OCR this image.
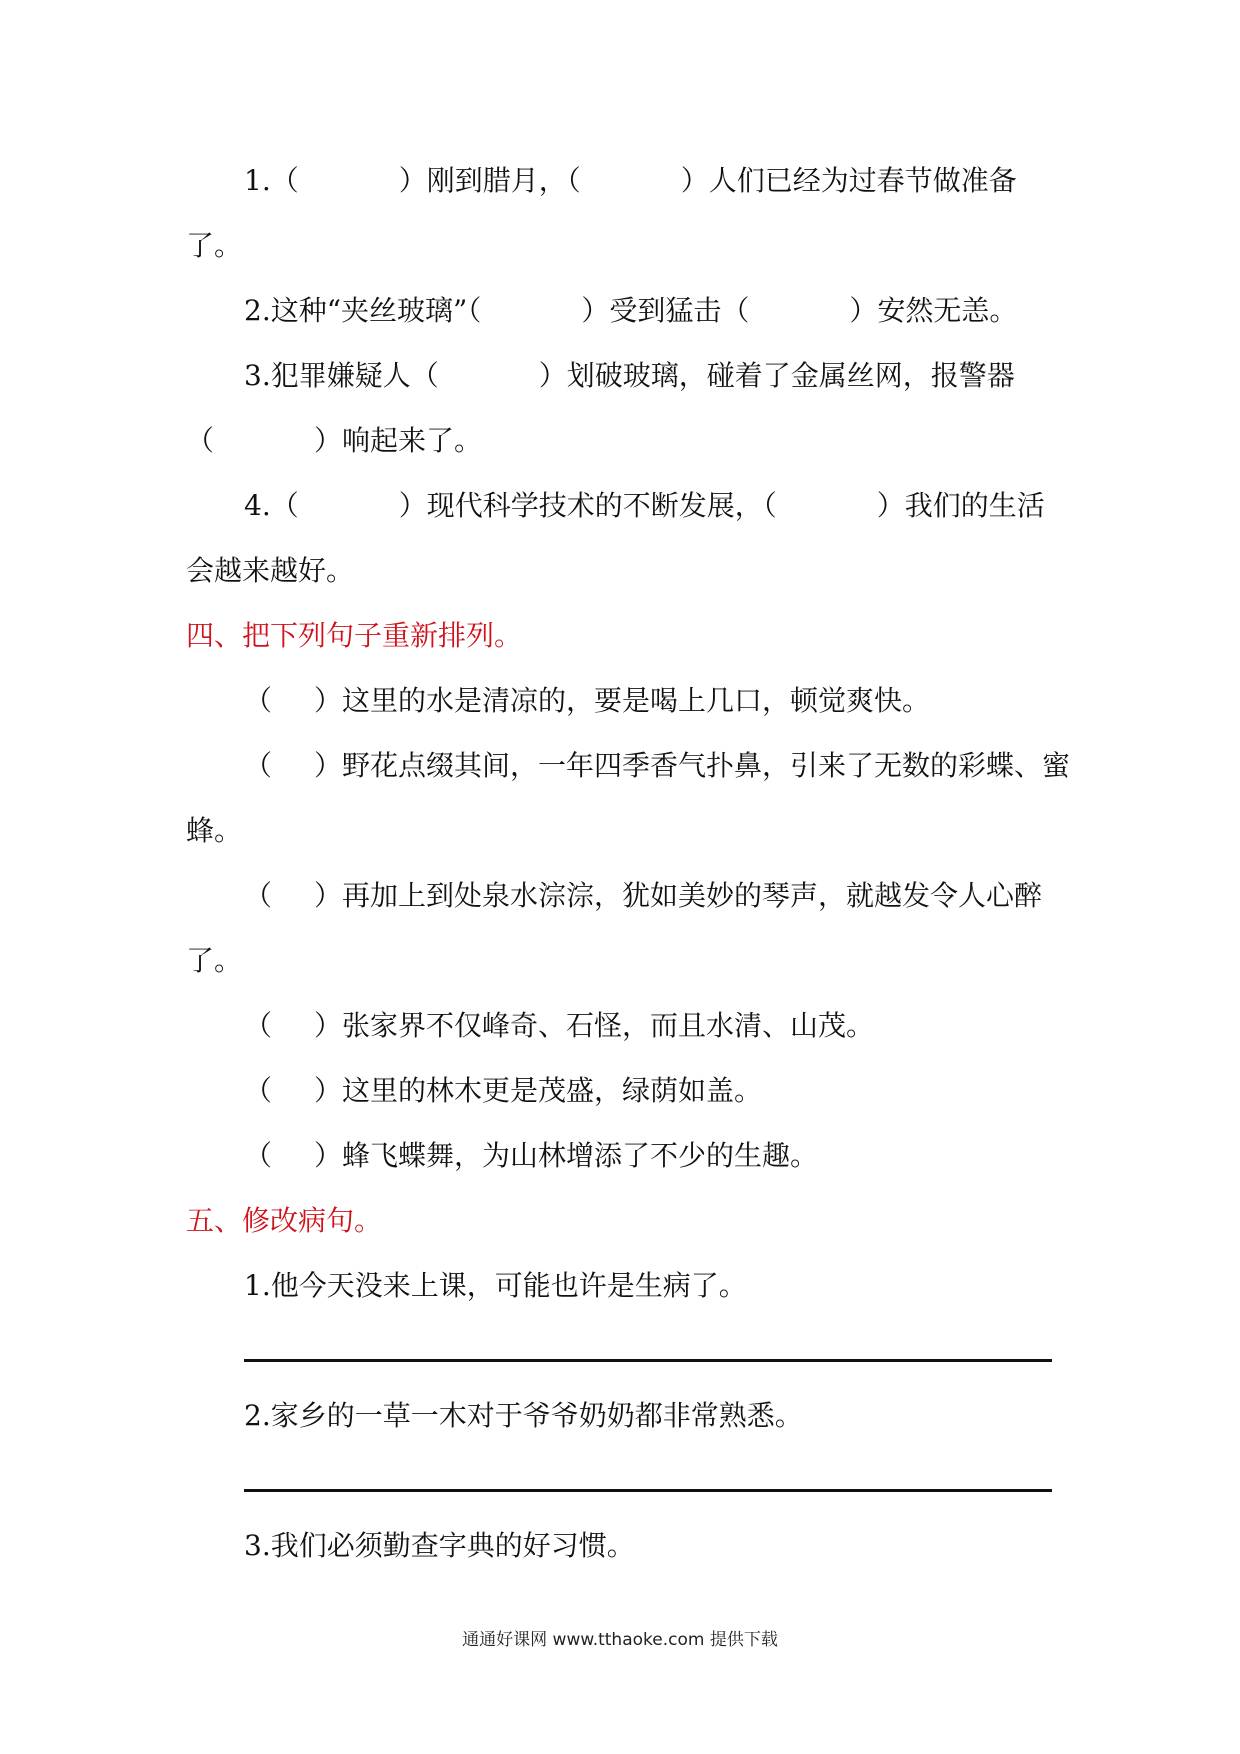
1.（	）刚到腊月，（	）人们已经为过春节做准备
了。
2.这种“夹丝玻璃”（	）受到猛击（	）安然无恙。
3.犯罪嫌疑人（	）划破玻璃，碰着了金属丝网，报警器
（	）响起来了。
4.（	）现代科学技术的不断发展，（	）我们的生活
会越来越好。
四、把下列句子重新排列。
（ ）这里的水是清凉的，要是喝上几口，顿觉爽快。
（ ）野花点缀其间，一年四季香气扑鼻，引来了无数的彩蝶、蜜
蜂。
（ ）再加上到处泉水淙淙，犹如美妙的琴声，就越发令人心醉
了。
（ ）张家界不仅峰奇、石怪，而且水清、山茂。
（ ）这里的林木更是茂盛，绿荫如盖。
（ ）蜂飞蝶舞，为山林增添了不少的生趣。
五、修改病句。
1.他今天没来上课，可能也许是生病了。
2.家乡的一草一木对于爷爷奶奶都非常熟悉。
3.我们必须勤查字典的好习惯。
通通好课网 www.tthaoke.com 提供下载
